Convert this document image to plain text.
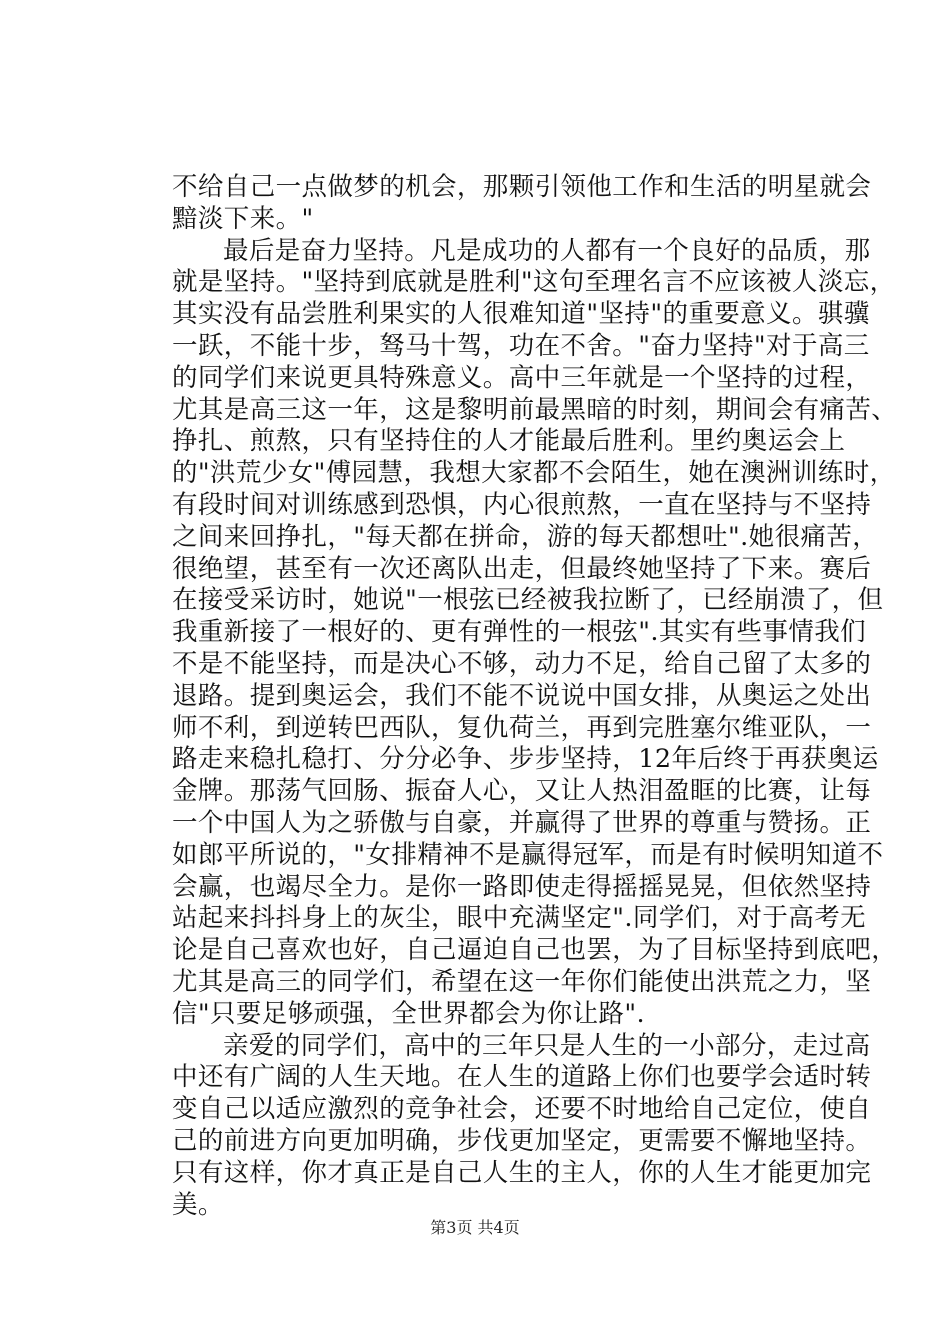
不给自己一点做梦的机会，那颗引领他工作和生活的明星就会
黯淡下来。"
最后是奋力坚持。凡是成功的人都有一个良好的品质，那
就是坚持。"坚持到底就是胜利"这句至理名言不应该被人淡忘，
其实没有品尝胜利果实的人很难知道"坚持"的重要意义。骐骥
一跃，不能十步，驽马十驾，功在不舍。"奋力坚持"对于高三
的同学们来说更具特殊意义。高中三年就是一个坚持的过程，
尤其是高三这一年，这是黎明前最黑暗的时刻，期间会有痛苦、
挣扎、煎熬，只有坚持住的人才能最后胜利。里约奥运会上
的"洪荒少女"傅园慧，我想大家都不会陌生，她在澳洲训练时，
有段时间对训练感到恐惧，内心很煎熬，一直在坚持与不坚持
之间来回挣扎，"每天都在拼命，游的每天都想吐".她很痛苦，
很绝望，甚至有一次还离队出走，但最终她坚持了下来。赛后
在接受采访时，她说"一根弦已经被我拉断了，已经崩溃了，但
我重新接了一根好的、更有弹性的一根弦".其实有些事情我们
不是不能坚持，而是决心不够，动力不足，给自己留了太多的
退路。提到奥运会，我们不能不说说中国女排，从奥运之处出
师不利，到逆转巴西队，复仇荷兰，再到完胜塞尔维亚队，一
路走来稳扎稳打、分分必争、步步坚持，12年后终于再获奥运
金牌。那荡气回肠、振奋人心，又让人热泪盈眶的比赛，让每
一个中国人为之骄傲与自豪，并赢得了世界的尊重与赞扬。正
如郎平所说的，"女排精神不是赢得冠军，而是有时候明知道不
会赢，也竭尽全力。是你一路即使走得摇摇晃晃，但依然坚持
站起来抖抖身上的灰尘，眼中充满坚定".同学们，对于高考无
论是自己喜欢也好，自己逼迫自己也罢，为了目标坚持到底吧，
尤其是高三的同学们，希望在这一年你们能使出洪荒之力，坚
信"只要足够顽强，全世界都会为你让路".
亲爱的同学们，高中的三年只是人生的一小部分，走过高
中还有广阔的人生天地。在人生的道路上你们也要学会适时转
变自己以适应激烈的竞争社会，还要不时地给自己定位，使自
己的前进方向更加明确，步伐更加坚定，更需要不懈地坚持。
只有这样，你才真正是自己人生的主人，你的人生才能更加完
美。
第3页 共4页
